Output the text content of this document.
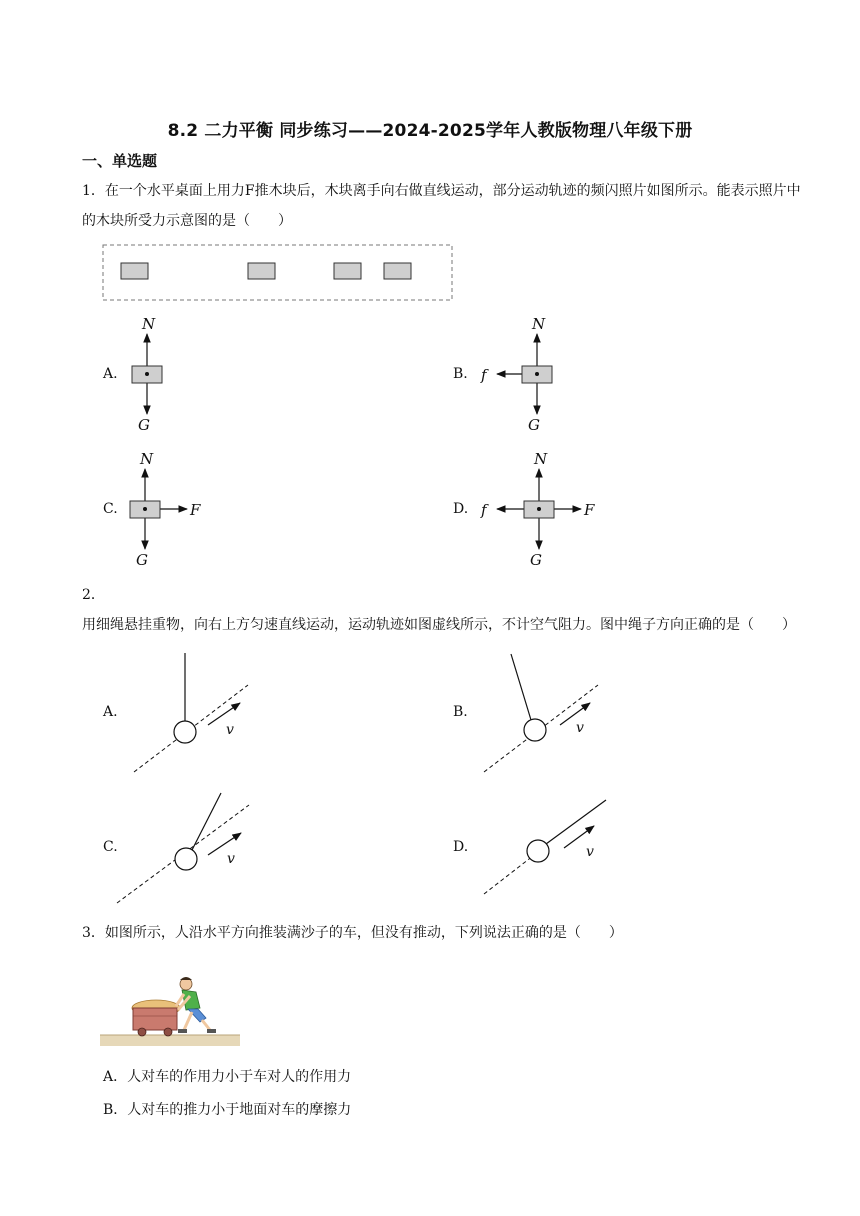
8.2 二力平衡 同步练习——2024-2025学年人教版物理八年级下册
一、单选题
1．在一个水平桌面上用力F推木块后，木块离手向右做直线运动，部分运动轨迹的频闪照片如图所示。能表示照片中的木块所受力示意图的是（　　）
A.
N
G
B.
N
f
G
C.
N
F
G
D.
N
f	F
G
2．用细绳悬挂重物，向右上方匀速直线运动，运动轨迹如图虚线所示，不计空气阻力。图中绳子方向正确的是（　　）
A.
v
B.
v
C.
v
D.	v
3．如图所示，人沿水平方向推装满沙子的车，但没有推动，下列说法正确的是（　　）
A．人对车的作用力小于车对人的作用力
B．人对车的推力小于地面对车的摩擦力
